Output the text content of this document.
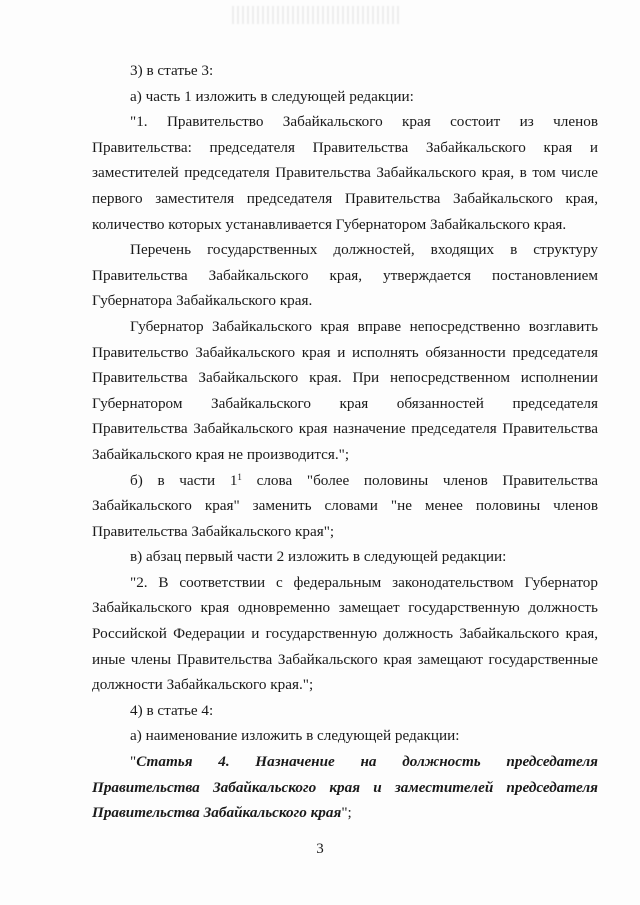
3) в статье 3:

а) часть 1 изложить в следующей редакции:

"1. Правительство Забайкальского края состоит из членов Правительства: председателя Правительства Забайкальского края и заместителей председателя Правительства Забайкальского края, в том числе первого заместителя председателя Правительства Забайкальского края, количество которых устанавливается Губернатором Забайкальского края.

Перечень государственных должностей, входящих в структуру Правительства Забайкальского края, утверждается постановлением Губернатора Забайкальского края.

Губернатор Забайкальского края вправе непосредственно возглавить Правительство Забайкальского края и исполнять обязанности председателя Правительства Забайкальского края. При непосредственном исполнении Губернатором Забайкальского края обязанностей председателя Правительства Забайкальского края назначение председателя Правительства Забайкальского края не производится.";

б) в части $1^1$ слова "более половины членов Правительства Забайкальского края" заменить словами "не менее половины членов Правительства Забайкальского края";

в) абзац первый части 2 изложить в следующей редакции:

"2. В соответствии с федеральным законодательством Губернатор Забайкальского края одновременно замещает государственную должность Российской Федерации и государственную должность Забайкальского края, иные члены Правительства Забайкальского края замещают государственные должности Забайкальского края.";

4) в статье 4:

а) наименование изложить в следующей редакции:

"Статья 4. Назначение на должность председателя Правительства Забайкальского края и заместителей председателя Правительства Забайкальского края";

3
